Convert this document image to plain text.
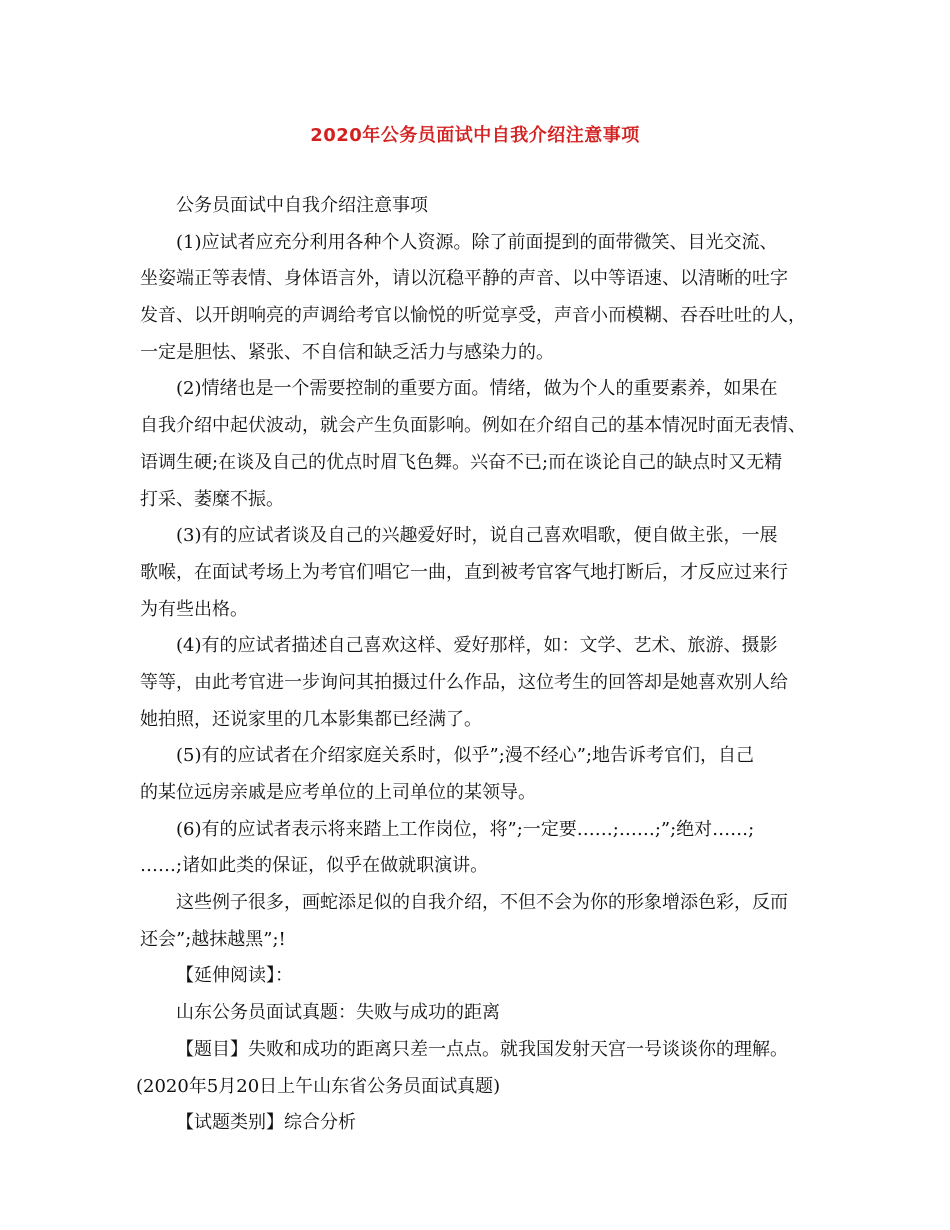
2020年公务员面试中自我介绍注意事项
公务员面试中自我介绍注意事项
(1)应试者应充分利用各种个人资源。除了前面提到的面带微笑、目光交流、
坐姿端正等表情、身体语言外，请以沉稳平静的声音、以中等语速、以清晰的吐字
发音、以开朗响亮的声调给考官以愉悦的听觉享受，声音小而模糊、吞吞吐吐的人，
一定是胆怯、紧张、不自信和缺乏活力与感染力的。
(2)情绪也是一个需要控制的重要方面。情绪，做为个人的重要素养，如果在
自我介绍中起伏波动，就会产生负面影响。例如在介绍自己的基本情况时面无表情、
语调生硬;在谈及自己的优点时眉飞色舞。兴奋不已;而在谈论自己的缺点时又无精
打采、萎糜不振。
(3)有的应试者谈及自己的兴趣爱好时，说自己喜欢唱歌，便自做主张，一展
歌喉，在面试考场上为考官们唱它一曲，直到被考官客气地打断后，才反应过来行
为有些出格。
(4)有的应试者描述自己喜欢这样、爱好那样，如：文学、艺术、旅游、摄影
等等，由此考官进一步询问其拍摄过什么作品，这位考生的回答却是她喜欢别人给
她拍照，还说家里的几本影集都已经满了。
(5)有的应试者在介绍家庭关系时，似乎”;漫不经心”;地告诉考官们，自己
的某位远房亲戚是应考单位的上司单位的某领导。
(6)有的应试者表示将来踏上工作岗位，将”;一定要……;……;”;绝对……;
……;诸如此类的保证，似乎在做就职演讲。
这些例子很多，画蛇添足似的自我介绍，不但不会为你的形象增添色彩，反而
还会”;越抹越黑”;!
【延伸阅读】：
山东公务员面试真题：失败与成功的距离
【题目】失败和成功的距离只差一点点。就我国发射天宫一号谈谈你的理解。
(2020年5月20日上午山东省公务员面试真题)
【试题类别】综合分析
